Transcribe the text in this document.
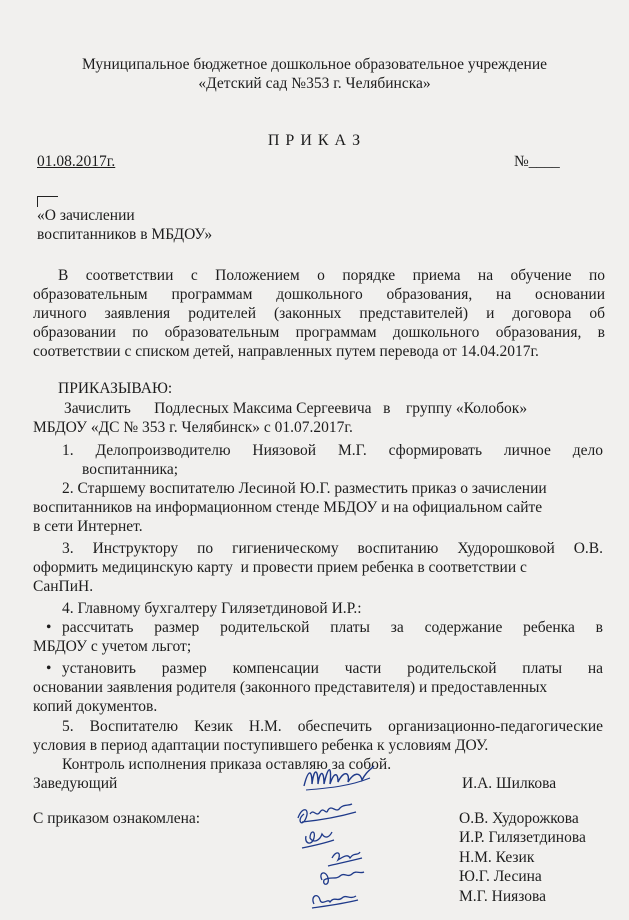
Муниципальное бюджетное дошкольное образовательное учреждение
«Детский сад №353 г. Челябинска»
П Р И К А З
01.08.2017г.	№____
«О зачислении
воспитанников в МБДОУ»
В соответствии с Положением о порядке приема на обучение по
образовательным программам дошкольного образования, на основании
личного заявления родителей (законных представителей) и договора об
образовании по образовательным программам дошкольного образования, в
соответствии с списком детей, направленных путем перевода от 14.04.2017г.
ПРИКАЗЫВАЮ:
Зачислить      Подлесных Максима Сергеевича   в    группу «Колобок»
МБДОУ «ДС № 353 г. Челябинск» с 01.07.2017г.
1. Делопроизводителю Ниязовой М.Г. сформировать личное дело
воспитанника;
2. Старшему воспитателю Лесиной Ю.Г. разместить приказ о зачислении
воспитанников на информационном стенде МБДОУ и на официальном сайте
в сети Интернет.
3. Инструктору по гигиеническому воспитанию Худорошковой О.В.
оформить медицинскую карту  и провести прием ребенка в соответствии с
СанПиН.
4. Главному бухгалтеру Гилязетдиновой И.Р.:
• рассчитать размер родительской платы за содержание ребенка в
МБДОУ с учетом льгот;
• установить размер компенсации части родительской платы на
основании заявления родителя (законного представителя) и предоставленных
копий документов.
5. Воспитателю Кезик Н.М. обеспечить организационно-педагогические
условия в период адаптации поступившего ребенка к условиям ДОУ.
Контроль исполнения приказа оставляю за собой.
Заведующий	И.А. Шилкова
С приказом ознакомлена:	О.В. Худорожкова
И.Р. Гилязетдинова
Н.М. Кезик
Ю.Г. Лесина
М.Г. Ниязова
